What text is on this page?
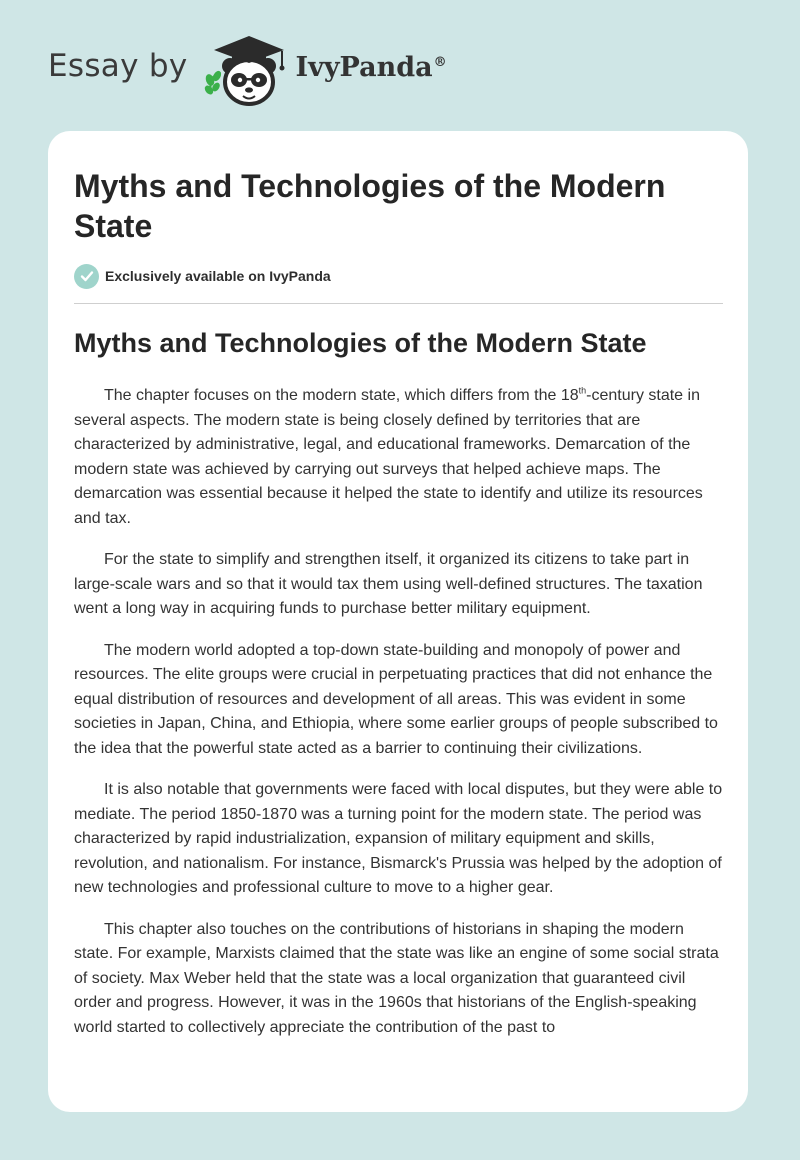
Essay by	IvyPanda®
Myths and Technologies of the Modern State
Exclusively available on IvyPanda
Myths and Technologies of the Modern State

The chapter focuses on the modern state, which differs from the 18th-century state in several aspects. The modern state is being closely defined by territories that are characterized by administrative, legal, and educational frameworks. Demarcation of the modern state was achieved by carrying out surveys that helped achieve maps. The demarcation was essential because it helped the state to identify and utilize its resources and tax.

For the state to simplify and strengthen itself, it organized its citizens to take part in large-scale wars and so that it would tax them using well-defined structures. The taxation went a long way in acquiring funds to purchase better military equipment.

The modern world adopted a top-down state-building and monopoly of power and resources. The elite groups were crucial in perpetuating practices that did not enhance the equal distribution of resources and development of all areas. This was evident in some societies in Japan, China, and Ethiopia, where some earlier groups of people subscribed to the idea that the powerful state acted as a barrier to continuing their civilizations.

It is also notable that governments were faced with local disputes, but they were able to mediate. The period 1850-1870 was a turning point for the modern state. The period was characterized by rapid industrialization, expansion of military equipment and skills, revolution, and nationalism. For instance, Bismarck's Prussia was helped by the adoption of new technologies and professional culture to move to a higher gear.

This chapter also touches on the contributions of historians in shaping the modern state. For example, Marxists claimed that the state was like an engine of some social strata of society. Max Weber held that the state was a local organization that guaranteed civil order and progress. However, it was in the 1960s that historians of the English-speaking world started to collectively appreciate the contribution of the past to
